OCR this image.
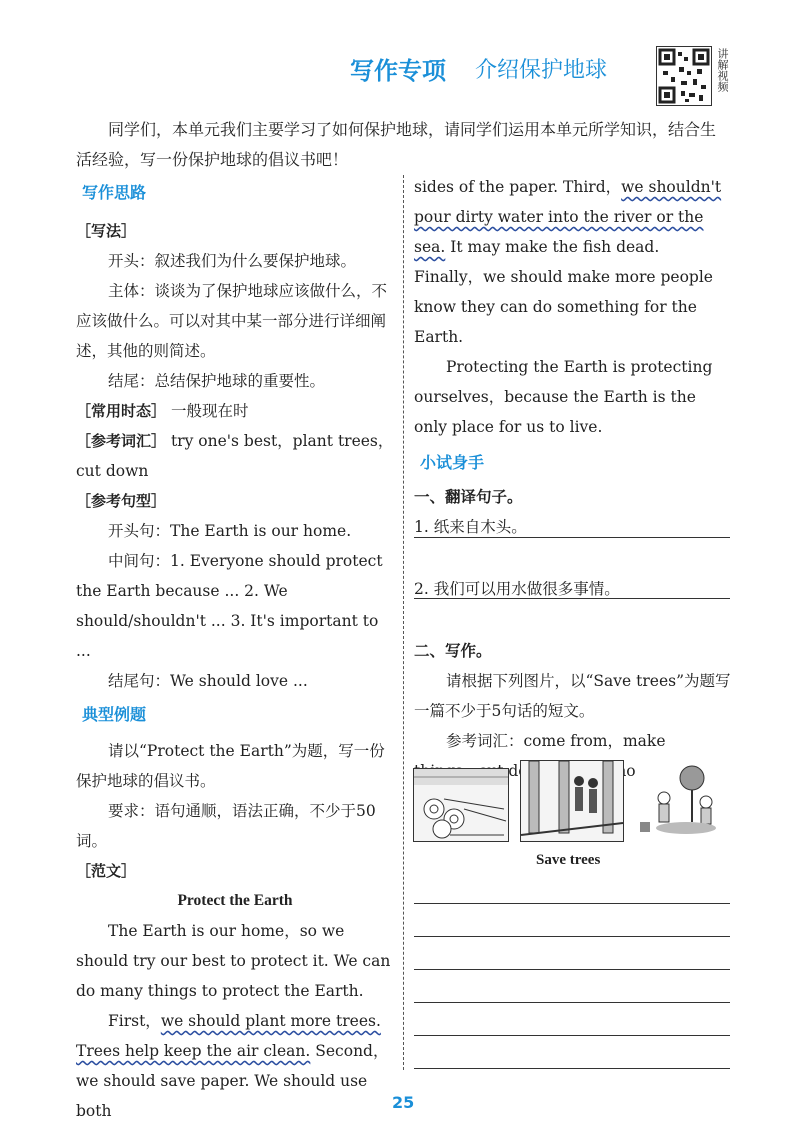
写作专项 介绍保护地球	讲解视频
同学们，本单元我们主要学习了如何保护地球，请同学们运用本单元所学知识，结合生活经验，写一份保护地球的倡议书吧！
写作思路
［写法］
开头：叙述我们为什么要保护地球。
主体：谈谈为了保护地球应该做什么，不应该做什么。可以对其中某一部分进行详细阐述，其他的则简述。
结尾：总结保护地球的重要性。
［常用时态］ 一般现在时
［参考词汇］ try one's best，plant trees，cut down
［参考句型］
开头句：The Earth is our home.
中间句：1. Everyone should protect the Earth because ... 2. We should/shouldn't ... 3. It's important to ...
结尾句：We should love ...
典型例题
请以“Protect the Earth”为题，写一份保护地球的倡议书。
要求：语句通顺，语法正确，不少于50词。
［范文］
Protect the Earth
The Earth is our home，so we should try our best to protect it. We can do many things to protect the Earth.
First，we should plant more trees. Trees help keep the air clean. Second，we should save paper. We should use both
sides of the paper. Third，we shouldn't pour dirty water into the river or the sea. It may make the fish dead. Finally，we should make more people know they can do something for the Earth.
Protecting the Earth is protecting ourselves，because the Earth is the only place for us to live.
小试身手
一、翻译句子。
1. 纸来自木头。
2. 我们可以用水做很多事情。
二、写作。
请根据下列图片，以“Save trees”为题写一篇不少于5句话的短文。
参考词汇：come from，make more
Save trees
25
